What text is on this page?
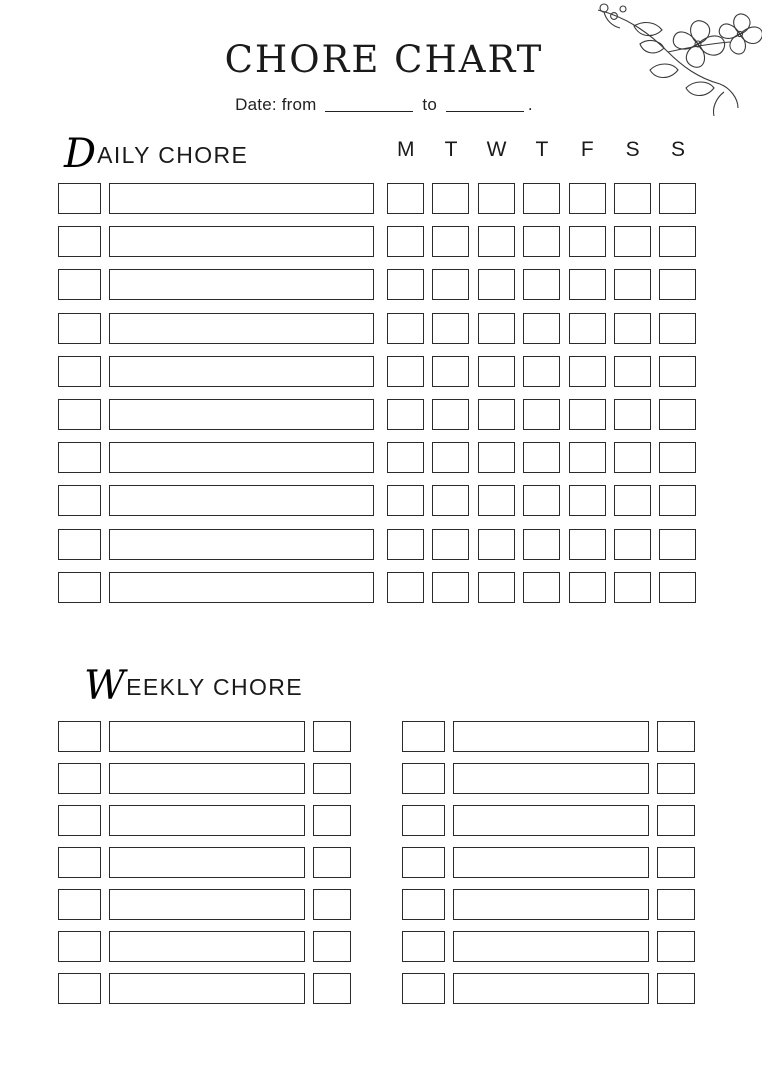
CHORE CHART
Date: from	to	.
D AILY CHORE	M	T	W	T	F	S	S
W EEKLY CHORE
